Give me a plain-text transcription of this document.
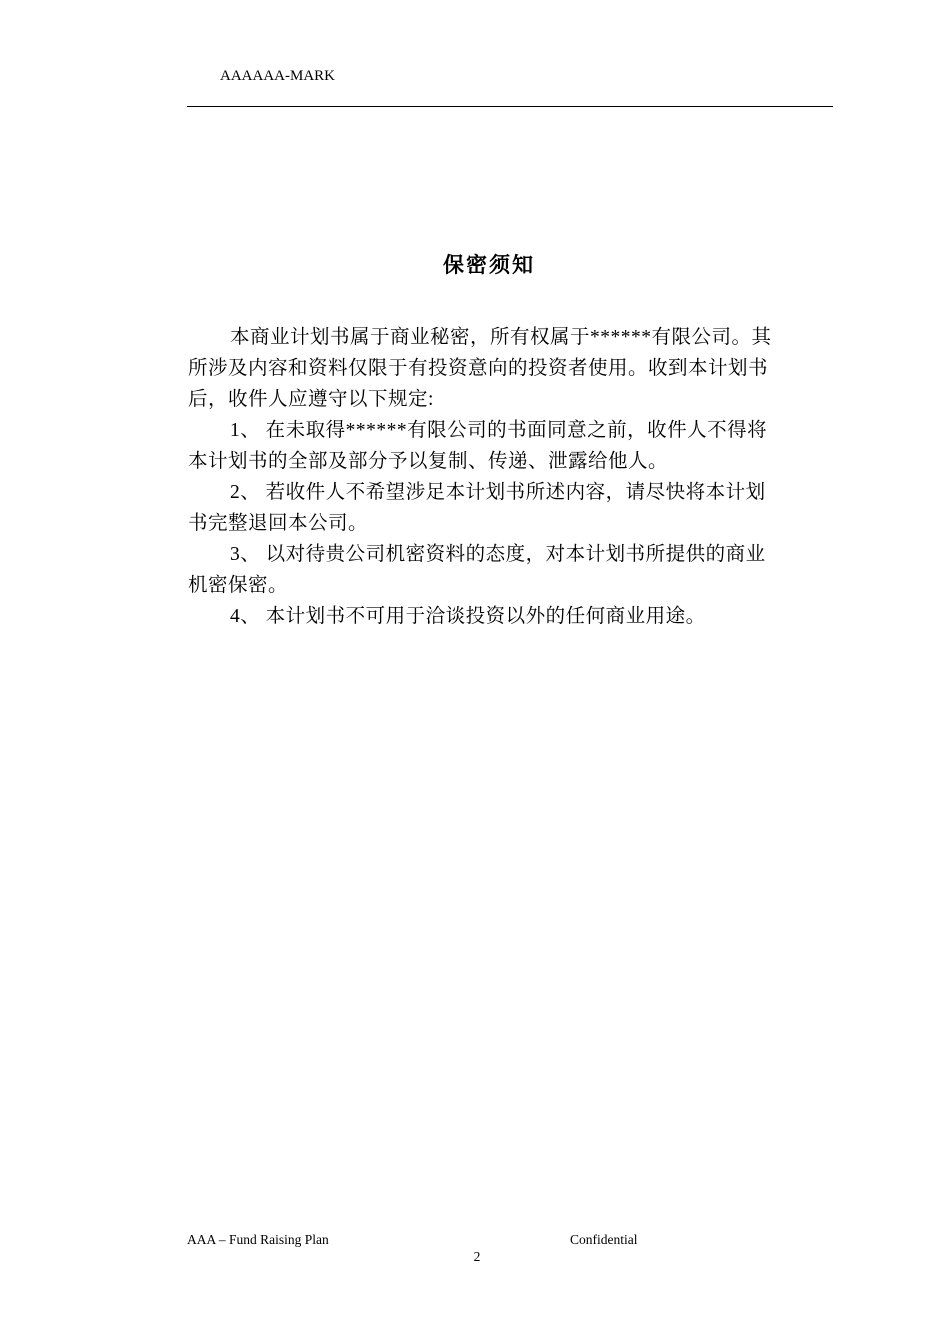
AAAAAA-MARK
保密须知
本商业计划书属于商业秘密，所有权属于******有限公司。其
所涉及内容和资料仅限于有投资意向的投资者使用。收到本计划书
后，收件人应遵守以下规定:
1、 在未取得******有限公司的书面同意之前，收件人不得将
本计划书的全部及部分予以复制、传递、泄露给他人。
2、 若收件人不希望涉足本计划书所述内容，请尽快将本计划
书完整退回本公司。
3、 以对待贵公司机密资料的态度，对本计划书所提供的商业
机密保密。
4、 本计划书不可用于洽谈投资以外的任何商业用途。
AAA – Fund Raising Plan	Confidential
2
